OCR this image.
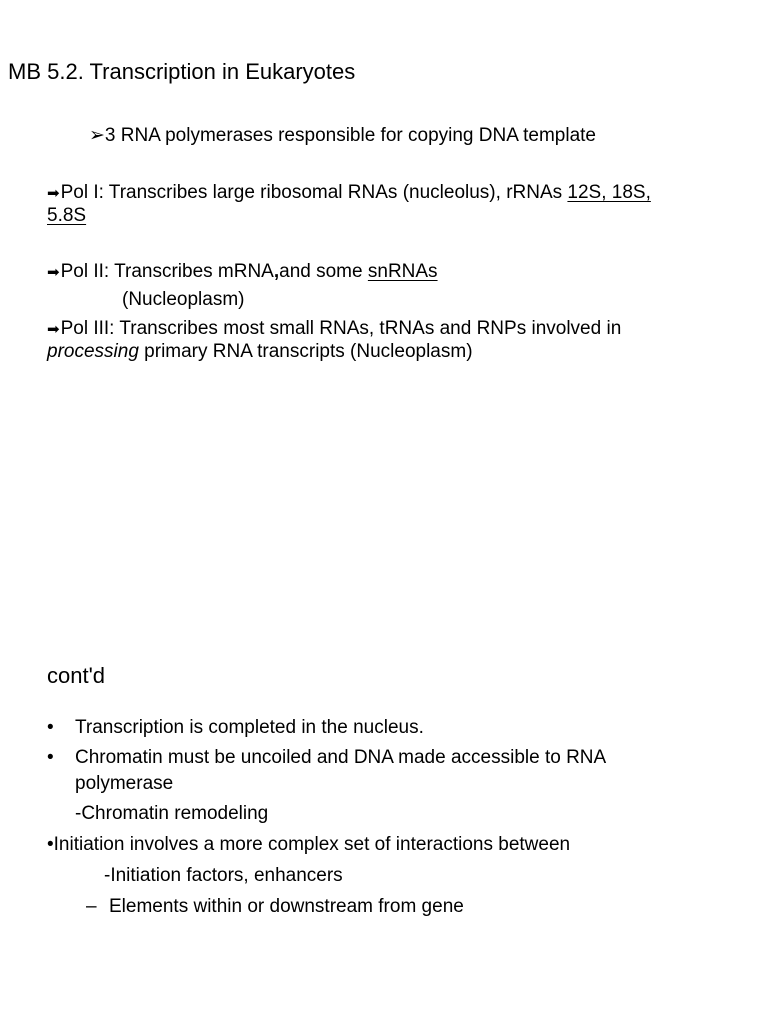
MB 5.2. Transcription in Eukaryotes
➢3 RNA polymerases responsible for copying DNA template
➡Pol I: Transcribes large ribosomal RNAs (nucleolus), rRNAs 12S, 18S,
5.8S
➡Pol II: Transcribes mRNA,and some snRNAs
(Nucleoplasm)
➡Pol III: Transcribes most small RNAs, tRNAs and RNPs involved in
processing primary RNA transcripts (Nucleoplasm)
cont'd
• Transcription is completed in the nucleus.
• Chromatin must be uncoiled and DNA made accessible to RNA
polymerase
-Chromatin remodeling
•Initiation involves a more complex set of interactions between
-Initiation factors, enhancers
– Elements within or downstream from gene
